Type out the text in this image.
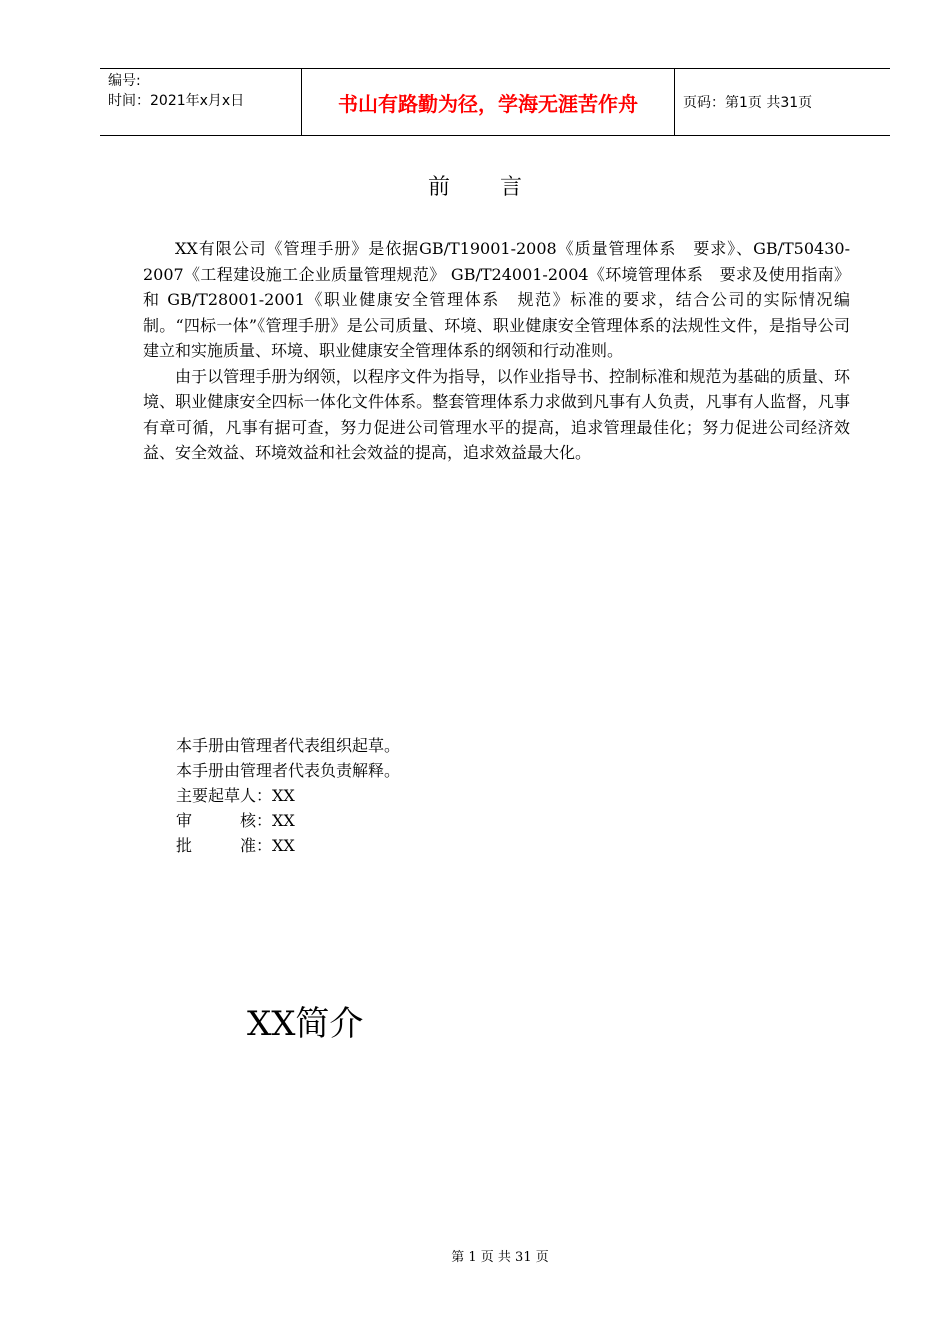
编号:
时间：2021年x月x日	书山有路勤为径，学海无涯苦作舟	页码：第1页 共31页
前言

XX有限公司《管理手册》是依据GB/T19001-2008《质量管理体系　要求》、GB/T50430-2007《工程建设施工企业质量管理规范》 GB/T24001-2004《环境管理体系　要求及使用指南》和 GB/T28001-2001《职业健康安全管理体系　规范》标准的要求，结合公司的实际情况编制。“四标一体”《管理手册》是公司质量、环境、职业健康安全管理体系的法规性文件，是指导公司建立和实施质量、环境、职业健康安全管理体系的纲领和行动准则。

由于以管理手册为纲领，以程序文件为指导，以作业指导书、控制标准和规范为基础的质量、环境、职业健康安全四标一体化文件体系。整套管理体系力求做到凡事有人负责，凡事有人监督，凡事有章可循，凡事有据可查，努力促进公司管理水平的提高，追求管理最佳化；努力促进公司经济效益、安全效益、环境效益和社会效益的提高，追求效益最大化。

本手册由管理者代表组织起草。
本手册由管理者代表负责解释。
主要起草人：XX
审　　　核：XX
批　　　准：XX
XX简介
第 1 页 共 31 页
